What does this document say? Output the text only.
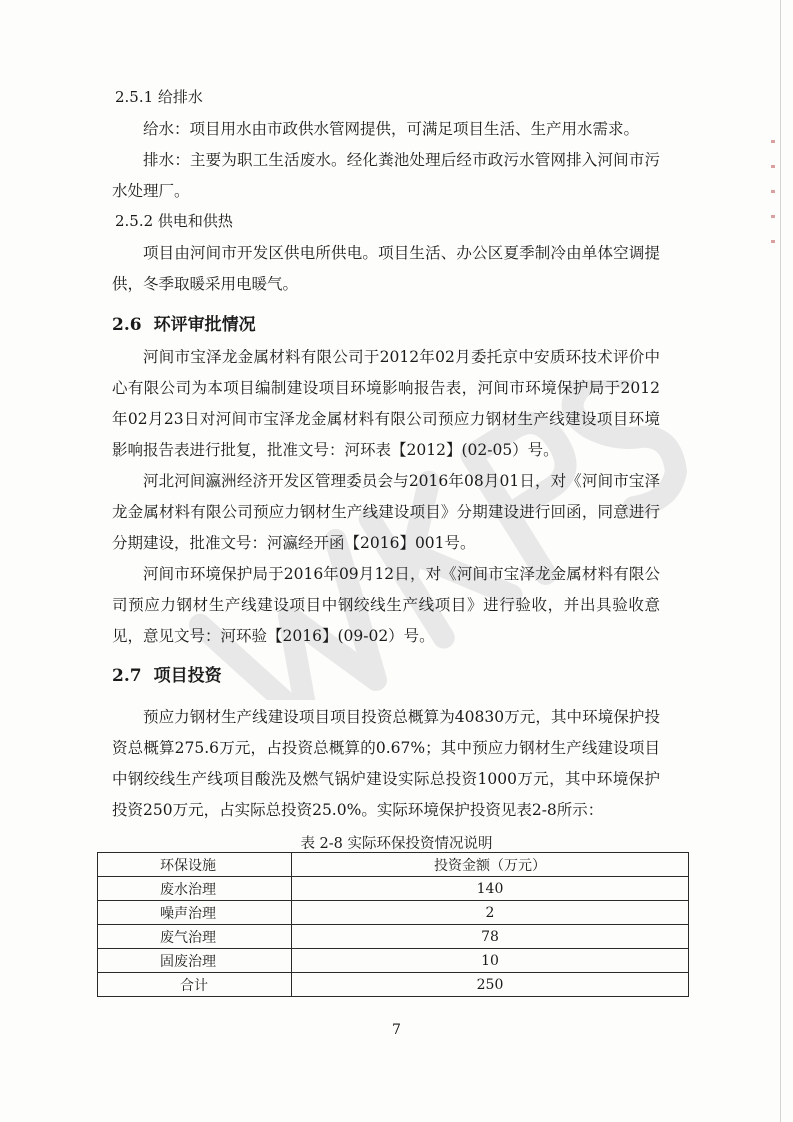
2.5.1 给排水
给水：项目用水由市政供水管网提供，可满足项目生活、生产用水需求。
排水：主要为职工生活废水。经化粪池处理后经市政污水管网排入河间市污水处理厂。
2.5.2 供电和供热
项目由河间市开发区供电所供电。项目生活、办公区夏季制冷由单体空调提供，冬季取暖采用电暖气。
2.6 环评审批情况
河间市宝泽龙金属材料有限公司于2012年02月委托京中安质环技术评价中心有限公司为本项目编制建设项目环境影响报告表，河间市环境保护局于2012年02月23日对河间市宝泽龙金属材料有限公司预应力钢材生产线建设项目环境影响报告表进行批复，批准文号：河环表【2012】(02-05）号。
河北河间瀛洲经济开发区管理委员会与2016年08月01日，对《河间市宝泽龙金属材料有限公司预应力钢材生产线建设项目》分期建设进行回函，同意进行分期建设，批准文号：河瀛经开函【2016】001号。
河间市环境保护局于2016年09月12日，对《河间市宝泽龙金属材料有限公司预应力钢材生产线建设项目中钢绞线生产线项目》进行验收，并出具验收意见，意见文号：河环验【2016】(09-02）号。
2.7 项目投资
预应力钢材生产线建设项目项目投资总概算为40830万元，其中环境保护投资总概算275.6万元，占投资总概算的0.67%；其中预应力钢材生产线建设项目中钢绞线生产线项目酸洗及燃气锅炉建设实际总投资1000万元，其中环境保护投资250万元，占实际总投资25.0%。实际环境保护投资见表2-8所示：
表 2-8 实际环保投资情况说明
环保设施	投资金额（万元）
废水治理	140
噪声治理	2
废气治理	78
固废治理	10
合计	250
7
